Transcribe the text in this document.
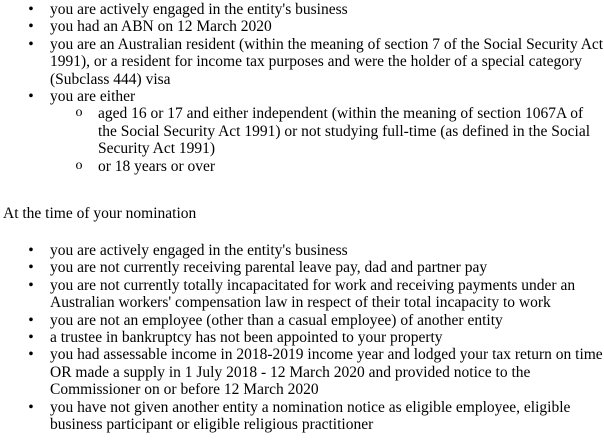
• you are actively engaged in the entity's business
• you had an ABN on 12 March 2020
• you are an Australian resident (within the meaning of section 7 of the Social Security Act 1991), or a resident for income tax purposes and were the holder of a special category (Subclass 444) visa
• you are either
o aged 16 or 17 and either independent (within the meaning of section 1067A of the Social Security Act 1991) or not studying full-time (as defined in the Social Security Act 1991)
o or 18 years or over

At the time of your nomination

• you are actively engaged in the entity's business
• you are not currently receiving parental leave pay, dad and partner pay
• you are not currently totally incapacitated for work and receiving payments under an Australian workers' compensation law in respect of their total incapacity to work
• you are not an employee (other than a casual employee) of another entity
• a trustee in bankruptcy has not been appointed to your property
• you had assessable income in 2018-2019 income year and lodged your tax return on time OR made a supply in 1 July 2018 - 12 March 2020 and provided notice to the Commissioner on or before 12 March 2020
• you have not given another entity a nomination notice as eligible employee, eligible business participant or eligible religious practitioner
